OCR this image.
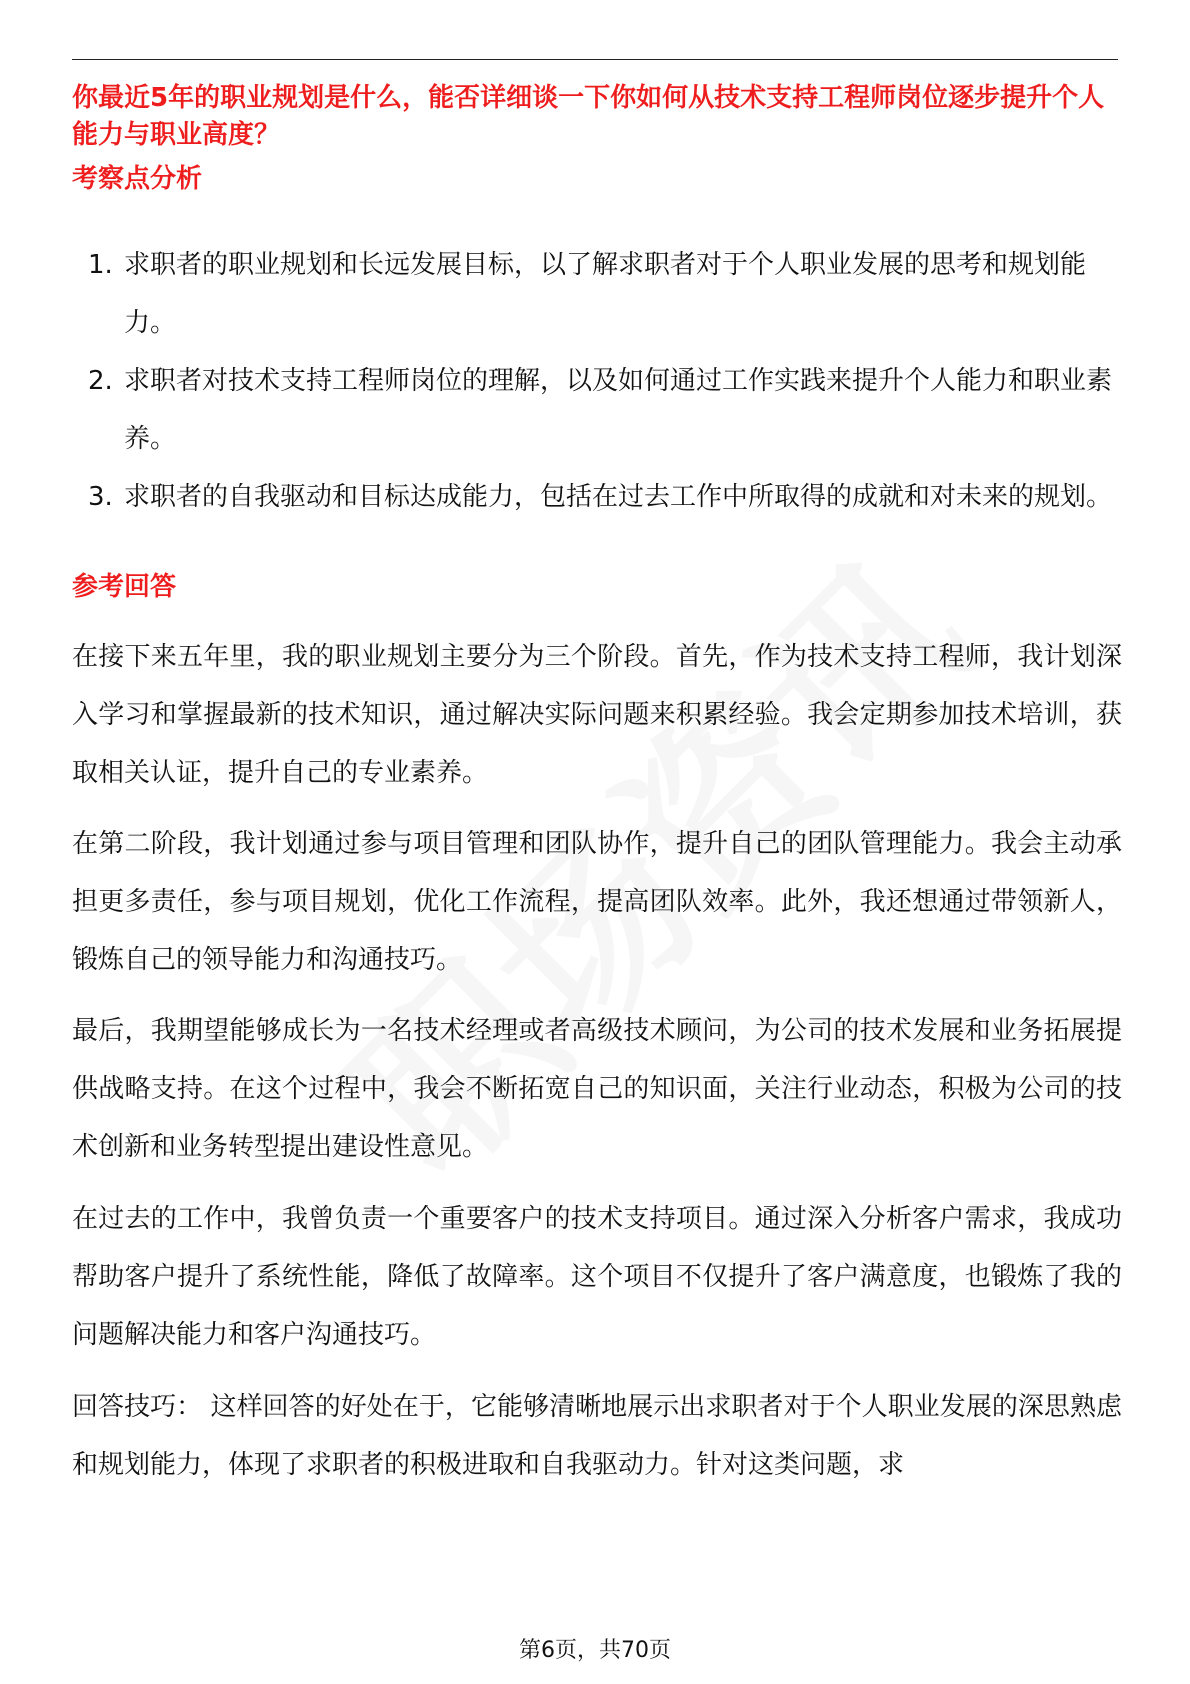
你最近5年的职业规划是什么，能否详细谈一下你如何从技术支持工程师岗位逐步提升个人能力与职业高度？
考察点分析
1. 求职者的职业规划和长远发展目标，以了解求职者对于个人职业发展的思考和规划能力。
2. 求职者对技术支持工程师岗位的理解，以及如何通过工作实践来提升个人能力和职业素养。
3. 求职者的自我驱动和目标达成能力，包括在过去工作中所取得的成就和对未来的规划。
参考回答

在接下来五年里，我的职业规划主要分为三个阶段。首先，作为技术支持工程师，我计划深入学习和掌握最新的技术知识，通过解决实际问题来积累经验。我会定期参加技术培训，获取相关认证，提升自己的专业素养。

在第二阶段，我计划通过参与项目管理和团队协作，提升自己的团队管理能力。我会主动承担更多责任，参与项目规划，优化工作流程，提高团队效率。此外，我还想通过带领新人，锻炼自己的领导能力和沟通技巧。

最后，我期望能够成长为一名技术经理或者高级技术顾问，为公司的技术发展和业务拓展提供战略支持。在这个过程中，我会不断拓宽自己的知识面，关注行业动态，积极为公司的技术创新和业务转型提出建设性意见。

在过去的工作中，我曾负责一个重要客户的技术支持项目。通过深入分析客户需求，我成功帮助客户提升了系统性能，降低了故障率。这个项目不仅提升了客户满意度，也锻炼了我的问题解决能力和客户沟通技巧。

回答技巧： 这样回答的好处在于，它能够清晰地展示出求职者对于个人职业发展的深思熟虑和规划能力，体现了求职者的积极进取和自我驱动力。针对这类问题，求

第6页，共70页
